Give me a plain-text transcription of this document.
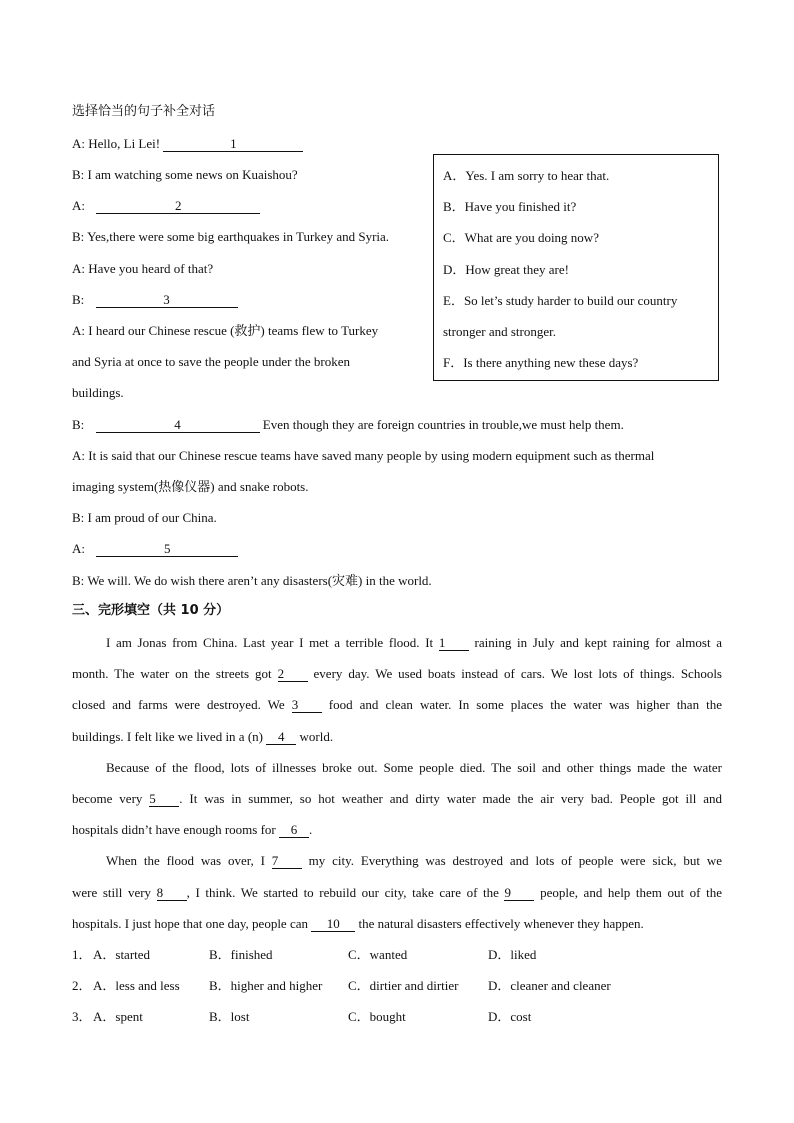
选择恰当的句子补全对话
A: Hello, Li Lei!	1
B: I am watching some news on Kuaishou?
A:	2
B: Yes,there were some big earthquakes in Turkey and Syria.
A: Have you heard of that?
B:	3
A: I heard our Chinese rescue (救护) teams flew to Turkey
and Syria at once to save the people under the broken
buildings.
B:	4	Even though they are foreign countries in trouble,we must help them.
A: It is said that our Chinese rescue teams have saved many people by using modern equipment such as thermal
imaging system(热像仪器) and snake robots.
B: I am proud of our China.
A:	5
B: We will. We do wish there aren’t any disasters(灾难) in the world.
A．Yes. I am sorry to hear that.
B．Have you finished it?
C．What are you doing now?
D．How great they are!
E．So let’s study harder to build our country
stronger and stronger.
F．Is there anything new these days?
三、完形填空（共 10 分）
I am Jonas from China. Last year I met a terrible flood. It 1 raining in July and kept raining for almost a
month. The water on the streets got 2 every day. We used boats instead of cars. We lost lots of things. Schools
closed and farms were destroyed. We 3 food and clean water. In some places the water was higher than the
buildings. I felt like we lived in a (n) 4 world.
Because of the flood, lots of illnesses broke out. Some people died. The soil and other things made the water
become very 5 . It was in summer, so hot weather and dirty water made the air very bad. People got ill and
hospitals didn’t have enough rooms for 6 .
When the flood was over, I 7 my city. Everything was destroyed and lots of people were sick, but we
were still very 8 , I think. We started to rebuild our city, take care of the 9 people, and help them out of the
hospitals. I just hope that one day, people can 10 the natural disasters effectively whenever they happen.
1． A．started	B．finished	C．wanted	D．liked
2． A．less and less B．higher and higher C．dirtier and dirtier D．cleaner and cleaner
3． A．spent	B．lost	C．bought	D．cost
